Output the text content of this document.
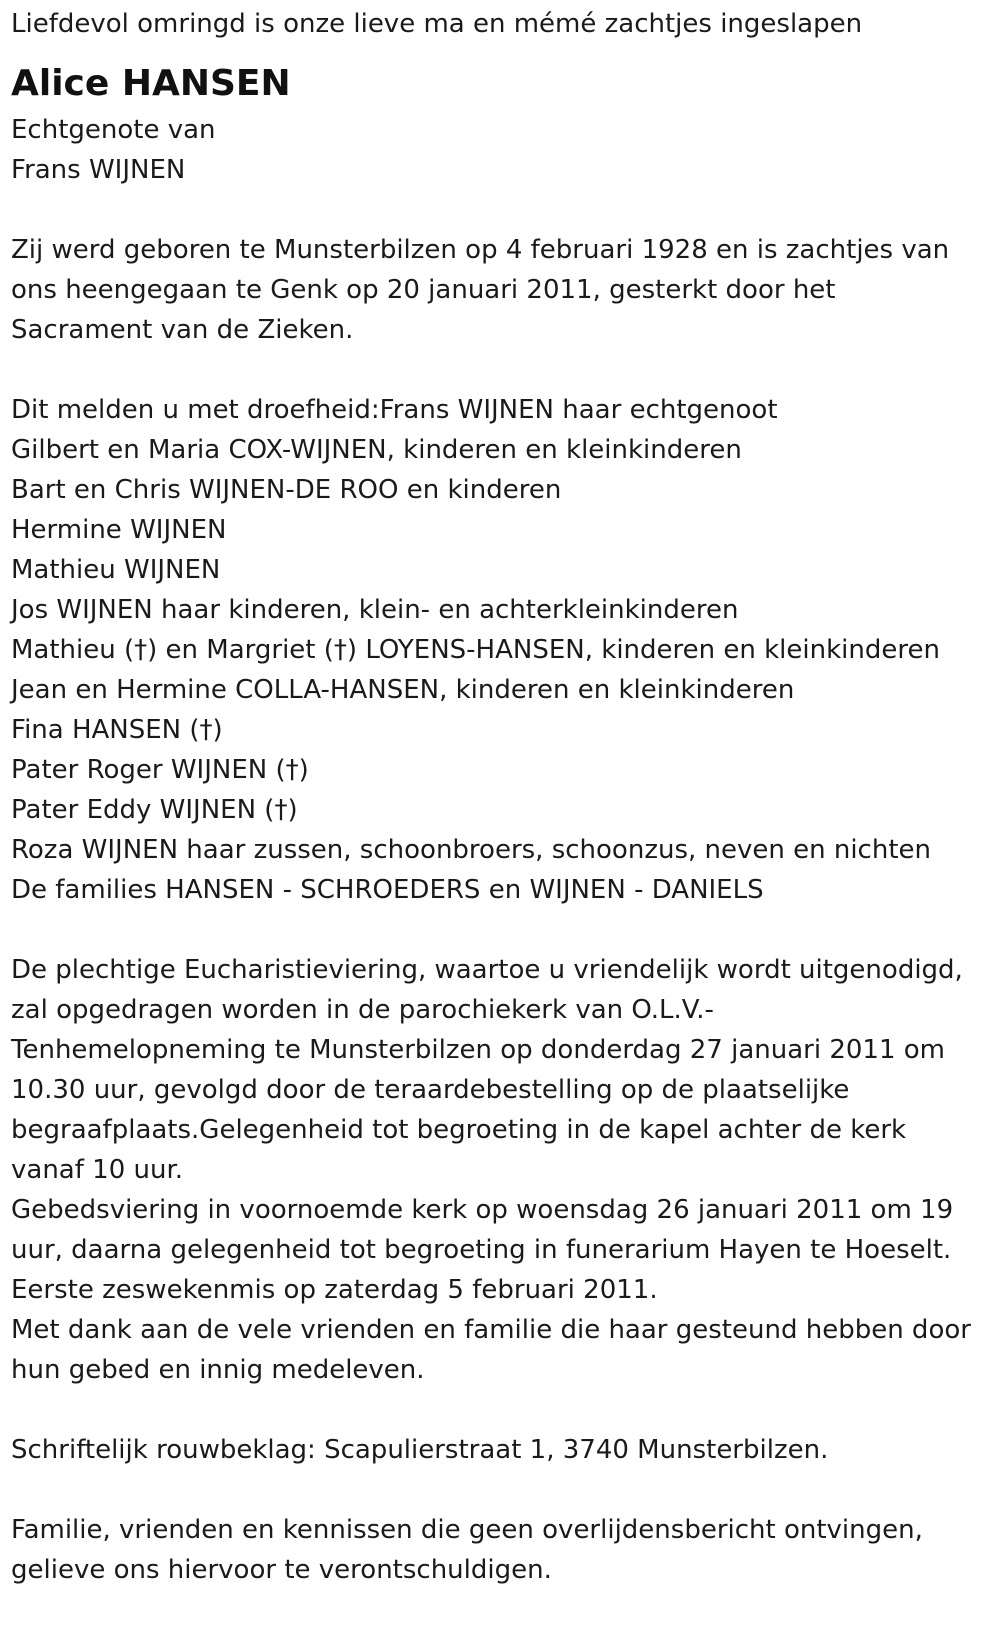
Liefdevol omringd is onze lieve ma en mémé zachtjes ingeslapen

Alice HANSEN

Echtgenote van

Frans WIJNEN

Zij werd geboren te Munsterbilzen op 4 februari 1928 en is zachtjes van

ons heengegaan te Genk op 20 januari 2011, gesterkt door het

Sacrament van de Zieken.

Dit melden u met droefheid:Frans WIJNEN haar echtgenoot

Gilbert en Maria COX-WIJNEN, kinderen en kleinkinderen

Bart en Chris WIJNEN-DE ROO en kinderen

Hermine WIJNEN

Mathieu WIJNEN

Jos WIJNEN haar kinderen, klein- en achterkleinkinderen

Mathieu (†) en Margriet (†) LOYENS-HANSEN, kinderen en kleinkinderen

Jean en Hermine COLLA-HANSEN, kinderen en kleinkinderen

Fina HANSEN (†)

Pater Roger WIJNEN (†)

Pater Eddy WIJNEN (†)

Roza WIJNEN haar zussen, schoonbroers, schoonzus, neven en nichten

De families HANSEN - SCHROEDERS en WIJNEN - DANIELS

De plechtige Eucharistieviering, waartoe u vriendelijk wordt uitgenodigd,

zal opgedragen worden in de parochiekerk van O.L.V.-

Tenhemelopneming te Munsterbilzen op donderdag 27 januari 2011 om

10.30 uur, gevolgd door de teraardebestelling op de plaatselijke

begraafplaats.Gelegenheid tot begroeting in de kapel achter de kerk

vanaf 10 uur.

Gebedsviering in voornoemde kerk op woensdag 26 januari 2011 om 19

uur, daarna gelegenheid tot begroeting in funerarium Hayen te Hoeselt.

Eerste zeswekenmis op zaterdag 5 februari 2011.

Met dank aan de vele vrienden en familie die haar gesteund hebben door

hun gebed en innig medeleven.

Schriftelijk rouwbeklag: Scapulierstraat 1, 3740 Munsterbilzen.

Familie, vrienden en kennissen die geen overlijdensbericht ontvingen,

gelieve ons hiervoor te verontschuldigen.
